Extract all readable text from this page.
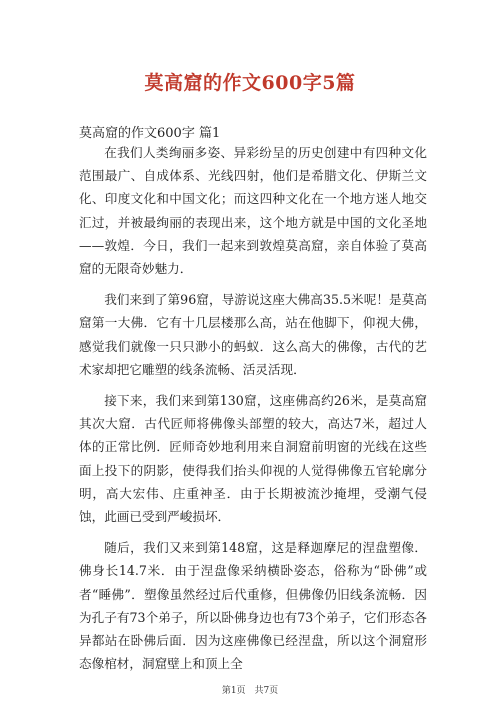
莫高窟的作文600字5篇
莫高窟的作文600字 篇1

在我们人类绚丽多姿、异彩纷呈的历史创建中有四种文化范围最广、自成体系、光线四射，他们是希腊文化、伊斯兰文化、印度文化和中国文化；而这四种文化在一个地方迷人地交汇过，并被最绚丽的表现出来，这个地方就是中国的文化圣地——敦煌．今日，我们一起来到敦煌莫高窟，亲自体验了莫高窟的无限奇妙魅力．

我们来到了第96窟，导游说这座大佛高35.5米呢！是莫高窟第一大佛．它有十几层楼那么高，站在他脚下，仰视大佛，感觉我们就像一只只渺小的蚂蚁．这么高大的佛像，古代的艺术家却把它雕塑的线条流畅、活灵活现．

接下来，我们来到第130窟，这座佛高约26米，是莫高窟其次大窟．古代匠师将佛像头部塑的较大，高达7米，超过人体的正常比例．匠师奇妙地利用来自洞窟前明窗的光线在这些面上投下的阴影，使得我们抬头仰视的人觉得佛像五官轮廓分明，高大宏伟、庄重神圣．由于长期被流沙掩埋，受潮气侵蚀，此画已受到严峻损坏．

随后，我们又来到第148窟，这是释迦摩尼的涅盘塑像．佛身长14.7米．由于涅盘像采纳横卧姿态，俗称为“卧佛”或者“睡佛”．塑像虽然经过后代重修，但佛像仍旧线条流畅．因为孔子有73个弟子，所以卧佛身边也有73个弟子，它们形态各异都站在卧佛后面．因为这座佛像已经涅盘，所以这个洞窟形态像棺材，洞窟壁上和顶上全

第1页 共7页
